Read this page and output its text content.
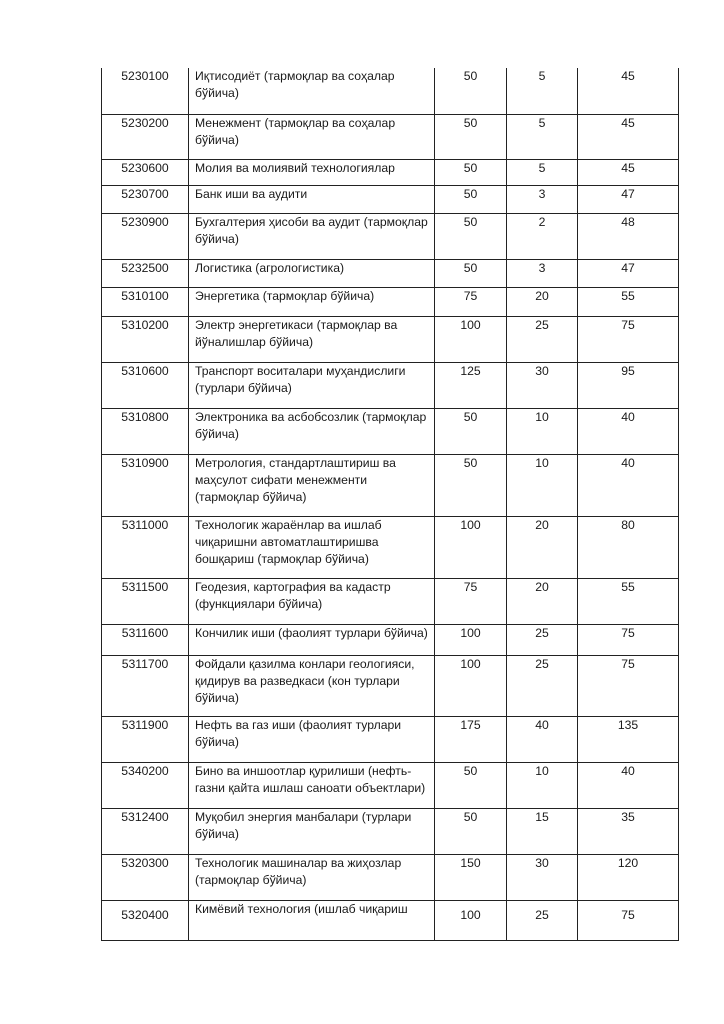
5230100	Иқтисодиёт (тармоқлар ва соҳалар бўйича)	50	5	45
5230200	Менежмент (тармоқлар ва соҳалар бўйича)	50	5	45
5230600	Молия ва молиявий технологиялар	50	5	45
5230700	Банк иши ва аудити	50	3	47
5230900	Бухгалтерия ҳисоби ва аудит (тармоқлар бўйича)	50	2	48
5232500	Логистика (агрологистика)	50	3	47
5310100	Энергетика (тармоқлар бўйича)	75	20	55
5310200	Электр энергетикаси (тармоқлар ва йўналишлар бўйича)	100	25	75
5310600	Транспорт воситалари муҳандислиги (турлари бўйича)	125	30	95
5310800	Электроника ва асбобсозлик (тармоқлар бўйича)	50	10	40
5310900	Метрология, стандартлаштириш ва маҳсулот сифати менежменти (тармоқлар бўйича)	50	10	40
5311000	Технологик жараёнлар ва ишлаб чиқаришни автоматлаштиришва бошқариш (тармоқлар бўйича)	100	20	80
5311500	Геодезия, картография ва кадастр (функциялари бўйича)	75	20	55
5311600	Кончилик иши (фаолият турлари бўйича)	100	25	75
5311700	Фойдали қазилма конлари геологияси, қидирув ва разведкаси (кон турлари бўйича)	100	25	75
5311900	Нефть ва газ иши (фаолият турлари бўйича)	175	40	135
5340200	Бино ва иншоотлар қурилиши (нефть-газни қайта ишлаш саноати объектлари)	50	10	40
5312400	Муқобил энергия манбалари (турлари бўйича)	50	15	35
5320300	Технологик машиналар ва жиҳозлар (тармоқлар бўйича)	150	30	120
5320400	Кимёвий технология (ишлаб чиқариш	100	25	75
